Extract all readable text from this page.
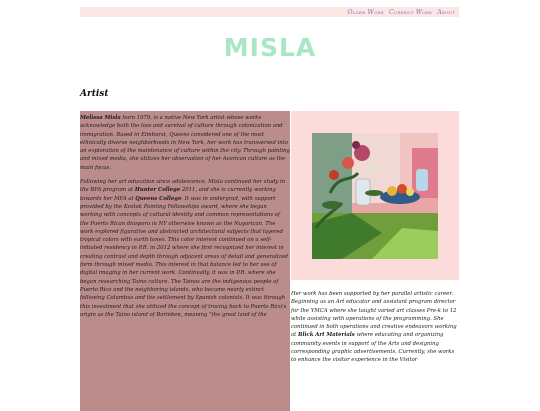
Older Work Current Work About
MISLA
Artist

Melissa Misla born 1979, is a native New York artist whose works acknowledge both the loss and survival of culture through colonization and immigration. Based in Elmhurst, Queens considered one of the most ethnically diverse neighborhoods in New York, her work has transversed into an exploration of the maintenance of culture within the city. Through painting and mixed media, she utilizes her observation of her Avorican culture as the main focus.

Following her art education since adolescence, Misla continued her study in the BFA program at Hunter College 2011, and she is currently working towards her MFA at Queens College. It was in undergrad, with support provided by the Kostak Painting Fellowships award, where she began working with concepts of cultural identity and common representations of the Puerto Rican diaspora in NY otherwise known as the Nuyorican. The work explored figurative and abstracted architectural subjects that layered tropical colors with earth tones. This color interest continued on a self-initiated residency in P.R. in 2012 where she first recognized her interest in creating contrast and depth through adjacent areas of detail and generalized form through mixed media. This interest in that balance led to her use of digital imaging in her current work. Continually, it was in P.R. where she began researching Taino culture. The Tainos are the indigenous people of Puerto Rico and the neighboring islands, who became nearly extinct following Columbus and the settlement by Spanish colonists. It was through this investment that she utilized the concept of tracing back to Puerto Rico's origin as the Taino island of Borinken, meaning "the great land of the

Her work has been supported by her parallel artistic career. Beginning as an Art educator and assistant program director for the YMCA where she taught varied art classes Pre-k to 12 while assisting with operations of the programming. She continued in both operations and creative endeavors working at Blick Art Materials where educating and organizing community events in support of the Arts and designing corresponding graphic advertisements. Currently, she works to enhance the visitor experience in the Visitor
